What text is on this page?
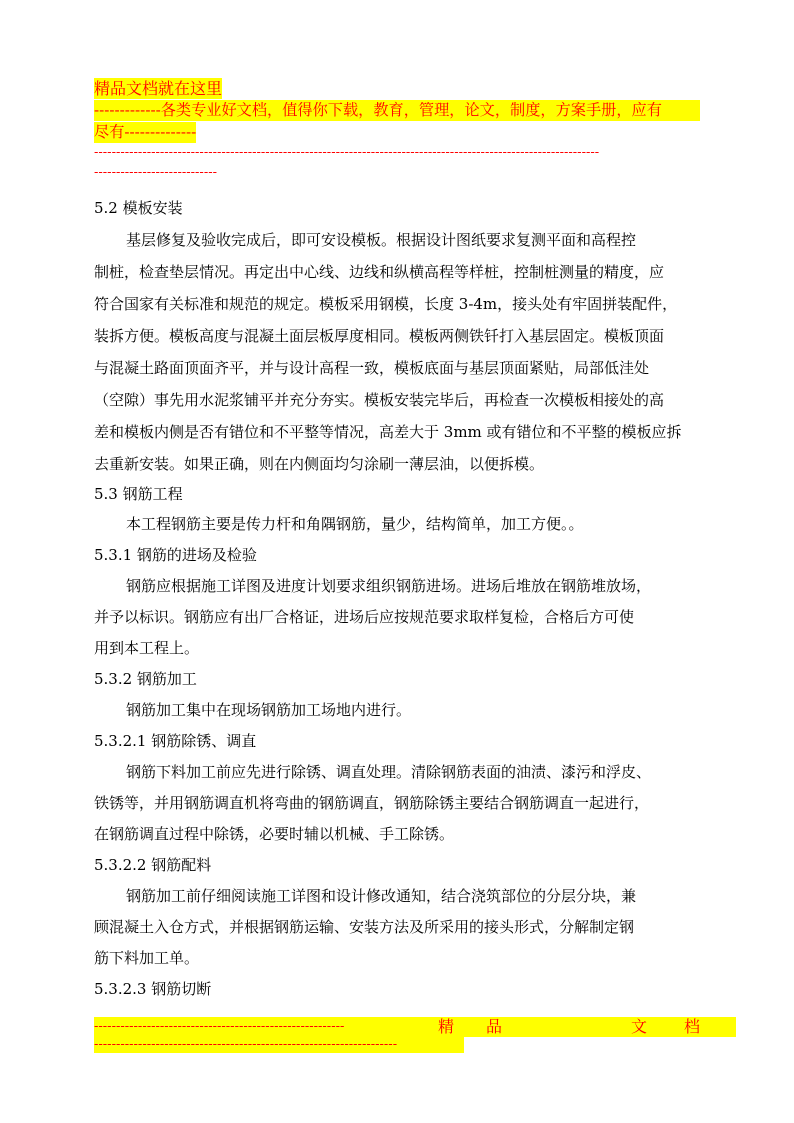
精品文档就在这里
-------------各类专业好文档，值得你下载，教育，管理，论文，制度，方案手册，应有
尽有--------------
-------------------------------------------------------------------------------------------------------------------
----------------------------
5.2 模板安装
基层修复及验收完成后，即可安设模板。根据设计图纸要求复测平面和高程控
制桩，检查垫层情况。再定出中心线、边线和纵横高程等样桩，控制桩测量的精度，应
符合国家有关标准和规范的规定。模板采用钢模，长度 3-4m，接头处有牢固拼装配件，
装拆方便。模板高度与混凝土面层板厚度相同。模板两侧铁钎打入基层固定。模板顶面
与混凝土路面顶面齐平，并与设计高程一致，模板底面与基层顶面紧贴，局部低洼处
（空隙）事先用水泥浆铺平并充分夯实。模板安装完毕后，再检查一次模板相接处的高
差和模板内侧是否有错位和不平整等情况，高差大于 3mm 或有错位和不平整的模板应拆
去重新安装。如果正确，则在内侧面均匀涂刷一薄层油，以便拆模。
5.3 钢筋工程
本工程钢筋主要是传力杆和角隅钢筋，量少，结构简单，加工方便。。
5.3.1 钢筋的进场及检验
钢筋应根据施工详图及进度计划要求组织钢筋进场。进场后堆放在钢筋堆放场，
并予以标识。钢筋应有出厂合格证，进场后应按规范要求取样复检，合格后方可使
用到本工程上。
5.3.2 钢筋加工
钢筋加工集中在现场钢筋加工场地内进行。
5.3.2.1 钢筋除锈、调直
钢筋下料加工前应先进行除锈、调直处理。清除钢筋表面的油渍、漆污和浮皮、
铁锈等，并用钢筋调直机将弯曲的钢筋调直，钢筋除锈主要结合钢筋调直一起进行，
在钢筋调直过程中除锈，必要时辅以机械、手工除锈。
5.3.2.2 钢筋配料
钢筋加工前仔细阅读施工详图和设计修改通知，结合浇筑部位的分层分块，兼
顾混凝土入仓方式，并根据钢筋运输、安装方法及所采用的接头形式，分解制定钢
筋下料加工单。
5.3.2.3 钢筋切断
---------------------------------------------------------	精 品	文 档
---------------------------------------------------------------------
